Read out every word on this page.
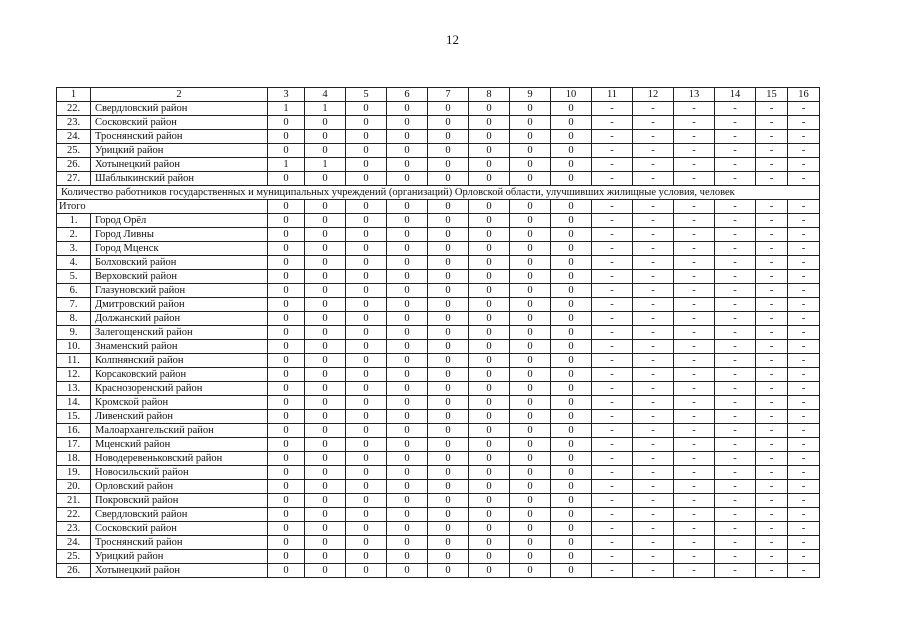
12
1	2	3	4	5	6	7	8	9	10	11	12	13	14	15	16
22.	Свердловский район	1	1	0	0	0	0	0	0	-	-	-	-	-	-
23.	Сосковский район	0	0	0	0	0	0	0	0	-	-	-	-	-	-
24.	Троснянский район	0	0	0	0	0	0	0	0	-	-	-	-	-	-
25.	Урицкий район	0	0	0	0	0	0	0	0	-	-	-	-	-	-
26.	Хотынецкий район	1	1	0	0	0	0	0	0	-	-	-	-	-	-
27.	Шаблыкинский район	0	0	0	0	0	0	0	0	-	-	-	-	-	-
Количество работников государственных и муниципальных учреждений (организаций) Орловской области, улучшивших жилищные условия, человек															
Итого		0	0	0	0	0	0	0	0	-	-	-	-	-	-
1.	Город Орёл	0	0	0	0	0	0	0	0	-	-	-	-	-	-
2.	Город Ливны	0	0	0	0	0	0	0	0	-	-	-	-	-	-
3.	Город Мценск	0	0	0	0	0	0	0	0	-	-	-	-	-	-
4.	Болховский район	0	0	0	0	0	0	0	0	-	-	-	-	-	-
5.	Верховский район	0	0	0	0	0	0	0	0	-	-	-	-	-	-
6.	Глазуновский район	0	0	0	0	0	0	0	0	-	-	-	-	-	-
7.	Дмитровский район	0	0	0	0	0	0	0	0	-	-	-	-	-	-
8.	Должанский район	0	0	0	0	0	0	0	0	-	-	-	-	-	-
9.	Залегощенский район	0	0	0	0	0	0	0	0	-	-	-	-	-	-
10.	Знаменский район	0	0	0	0	0	0	0	0	-	-	-	-	-	-
11.	Колпнянский район	0	0	0	0	0	0	0	0	-	-	-	-	-	-
12.	Корсаковский район	0	0	0	0	0	0	0	0	-	-	-	-	-	-
13.	Краснозоренский район	0	0	0	0	0	0	0	0	-	-	-	-	-	-
14.	Кромской район	0	0	0	0	0	0	0	0	-	-	-	-	-	-
15.	Ливенский район	0	0	0	0	0	0	0	0	-	-	-	-	-	-
16.	Малоархангельский район	0	0	0	0	0	0	0	0	-	-	-	-	-	-
17.	Мценский район	0	0	0	0	0	0	0	0	-	-	-	-	-	-
18.	Новодеревеньковский район	0	0	0	0	0	0	0	0	-	-	-	-	-	-
19.	Новосильский район	0	0	0	0	0	0	0	0	-	-	-	-	-	-
20.	Орловский район	0	0	0	0	0	0	0	0	-	-	-	-	-	-
21.	Покровский район	0	0	0	0	0	0	0	0	-	-	-	-	-	-
22.	Свердловский район	0	0	0	0	0	0	0	0	-	-	-	-	-	-
23.	Сосковский район	0	0	0	0	0	0	0	0	-	-	-	-	-	-
24.	Троснянский район	0	0	0	0	0	0	0	0	-	-	-	-	-	-
25.	Урицкий район	0	0	0	0	0	0	0	0	-	-	-	-	-	-
26.	Хотынецкий район	0	0	0	0	0	0	0	0	-	-	-	-	-	-
